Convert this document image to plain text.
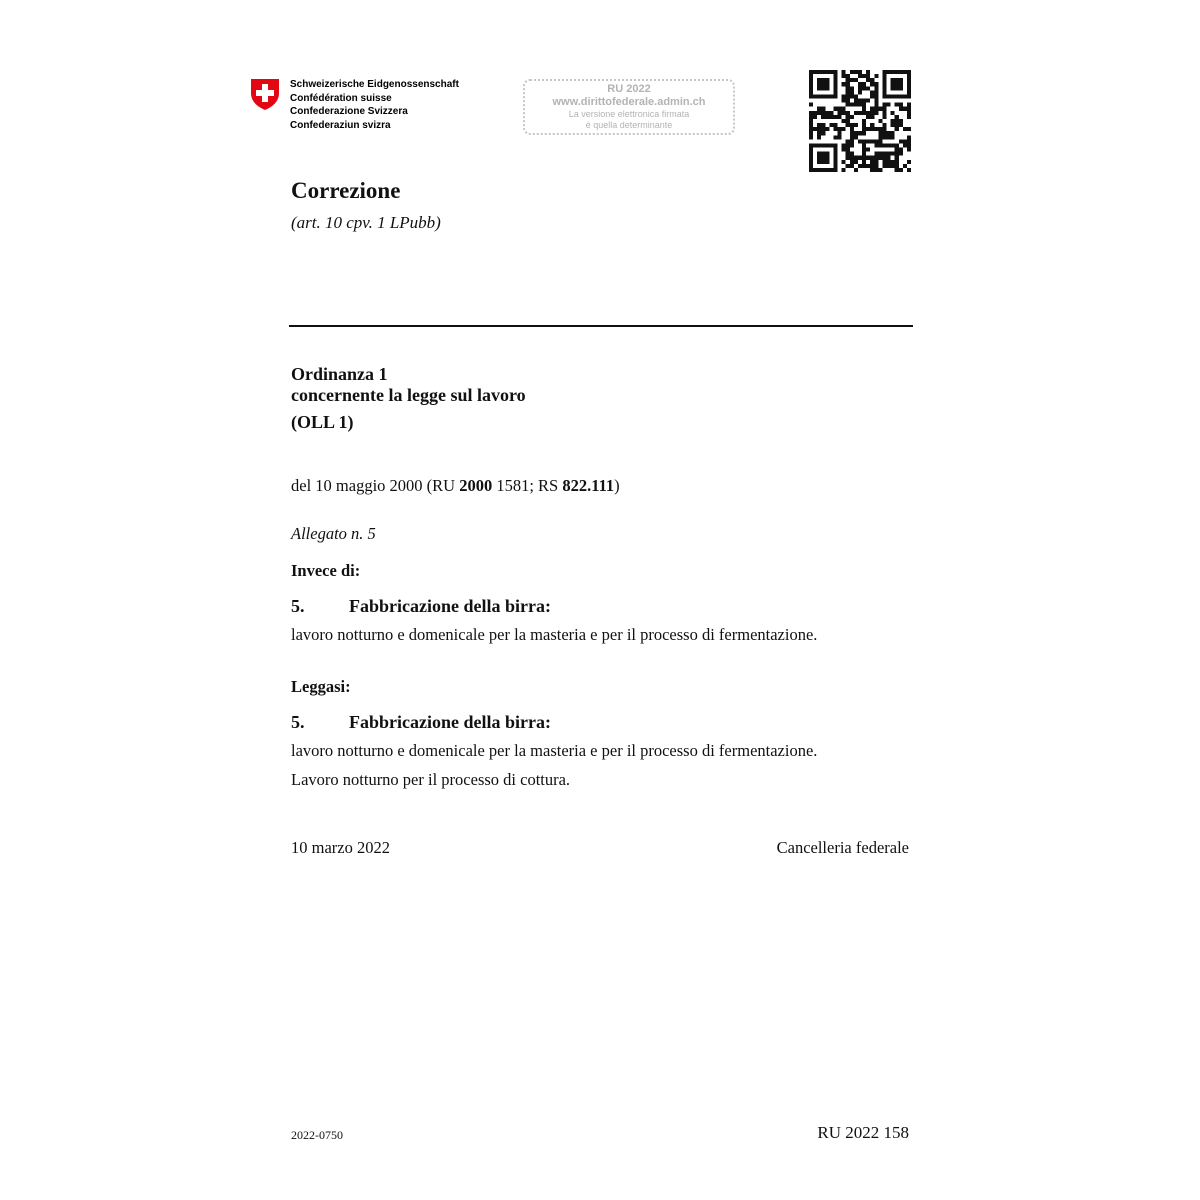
Schweizerische Eidgenossenschaft
Confédération suisse
Confederazione Svizzera
Confederaziun svizra
RU 2022
www.dirittofederale.admin.ch
La versione elettronica firmata
è quella determinante
Correzione
(art. 10 cpv. 1 LPubb)
Ordinanza 1
concernente la legge sul lavoro
(OLL 1)
del 10 maggio 2000 (RU 2000 1581; RS 822.111)
Allegato n. 5
Invece di:
5. Fabbricazione della birra:
lavoro notturno e domenicale per la masteria e per il processo di fermentazione.
Leggasi:
5. Fabbricazione della birra:
lavoro notturno e domenicale per la masteria e per il processo di fermentazione.
Lavoro notturno per il processo di cottura.
10 marzo 2022	Cancelleria federale
2022-0750	RU 2022 158
